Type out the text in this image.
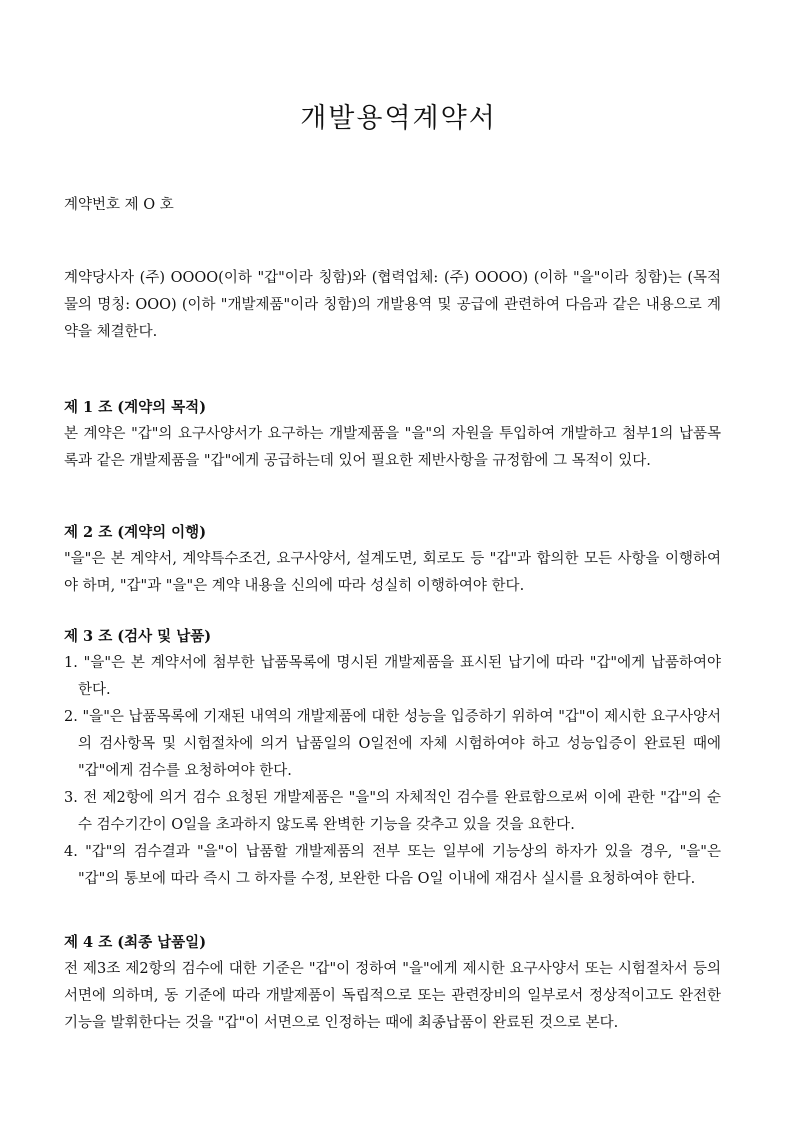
개발용역계약서
계약번호 제 O 호

계약당사자 (주) OOOO(이하 "갑"이라 칭함)와 (협력업체: (주) OOOO) (이하 "을"이라 칭함)는 (목적물의 명칭: OOO) (이하 "개발제품"이라 칭함)의 개발용역 및 공급에 관련하여 다음과 같은 내용으로 계약을 체결한다.

제 1 조 (계약의 목적)

본 계약은 "갑"의 요구사양서가 요구하는 개발제품을 "을"의 자원을 투입하여 개발하고 첨부1의 납품목록과 같은 개발제품을 "갑"에게 공급하는데 있어 필요한 제반사항을 규정함에 그 목적이 있다.

제 2 조 (계약의 이행)

"을"은 본 계약서, 계약특수조건, 요구사양서, 설계도면, 회로도 등 "갑"과 합의한 모든 사항을 이행하여야 하며, "갑"과 "을"은 계약 내용을 신의에 따라 성실히 이행하여야 한다.

제 3 조 (검사 및 납품)

1. "을"은 본 계약서에 첨부한 납품목록에 명시된 개발제품을 표시된 납기에 따라 "갑"에게 납품하여야 한다.
2. "을"은 납품목록에 기재된 내역의 개발제품에 대한 성능을 입증하기 위하여 "갑"이 제시한 요구사양서의 검사항목 및 시험절차에 의거 납품일의 O일전에 자체 시험하여야 하고 성능입증이 완료된 때에 "갑"에게 검수를 요청하여야 한다.
3. 전 제2항에 의거 검수 요청된 개발제품은 "을"의 자체적인 검수를 완료함으로써 이에 관한 "갑"의 순수 검수기간이 O일을 초과하지 않도록 완벽한 기능을 갖추고 있을 것을 요한다.
4. "갑"의 검수결과 "을"이 납품할 개발제품의 전부 또는 일부에 기능상의 하자가 있을 경우, "을"은 "갑"의 통보에 따라 즉시 그 하자를 수정, 보완한 다음 O일 이내에 재검사 실시를 요청하여야 한다.

제 4 조 (최종 납품일)

전 제3조 제2항의 검수에 대한 기준은 "갑"이 정하여 "을"에게 제시한 요구사양서 또는 시험절차서 등의 서면에 의하며, 동 기준에 따라 개발제품이 독립적으로 또는 관련장비의 일부로서 정상적이고도 완전한 기능을 발휘한다는 것을 "갑"이 서면으로 인정하는 때에 최종납품이 완료된 것으로 본다.
